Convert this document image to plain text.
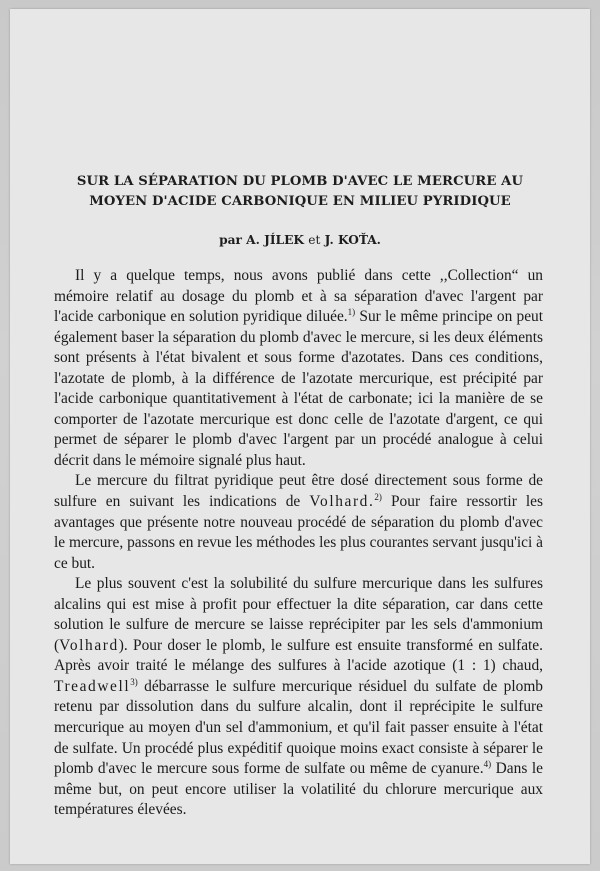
SUR LA SÉPARATION DU PLOMB D'AVEC LE MERCURE AU
MOYEN D'ACIDE CARBONIQUE EN MILIEU PYRIDIQUE
par A. JÍLEK et J. KOŤA.

Il y a quelque temps, nous avons publié dans cette ,,Collection“ un mémoire relatif au dosage du plomb et à sa séparation d'avec l'argent par l'acide carbonique en solution pyridique diluée.$^{1)}$ Sur le même principe on peut également baser la séparation du plomb d'avec le mercure, si les deux éléments sont présents à l'état bivalent et sous forme d'azotates. Dans ces conditions, l'azotate de plomb, à la différence de l'azotate mercurique, est précipité par l'acide carbonique quantitativement à l'état de carbonate; ici la manière de se comporter de l'azotate mercurique est donc celle de l'azotate d'argent, ce qui permet de séparer le plomb d'avec l'argent par un procédé analogue à celui décrit dans le mémoire signalé plus haut.

Le mercure du filtrat pyridique peut être dosé directement sous forme de sulfure en suivant les indications de Volhard.$^{2)}$ Pour faire ressortir les avantages que présente notre nouveau procédé de séparation du plomb d'avec le mercure, passons en revue les méthodes les plus courantes servant jusqu'ici à ce but.

Le plus souvent c'est la solubilité du sulfure mercurique dans les sulfures alcalins qui est mise à profit pour effectuer la dite séparation, car dans cette solution le sulfure de mercure se laisse reprécipiter par les sels d'ammonium (Volhard). Pour doser le plomb, le sulfure est ensuite transformé en sulfate. Après avoir traité le mélange des sulfures à l'acide azotique (1 : 1) chaud, Treadwell$^{3)}$ débarrasse le sulfure mercurique résiduel du sulfate de plomb retenu par dissolution dans du sulfure alcalin, dont il reprécipite le sulfure mercurique au moyen d'un sel d'ammonium, et qu'il fait passer ensuite à l'état de sulfate. Un procédé plus expéditif quoique moins exact consiste à séparer le plomb d'avec le mercure sous forme de sulfate ou même de cyanure.$^{4)}$ Dans le même but, on peut encore utiliser la volatilité du chlorure mercurique aux températures élevées.
